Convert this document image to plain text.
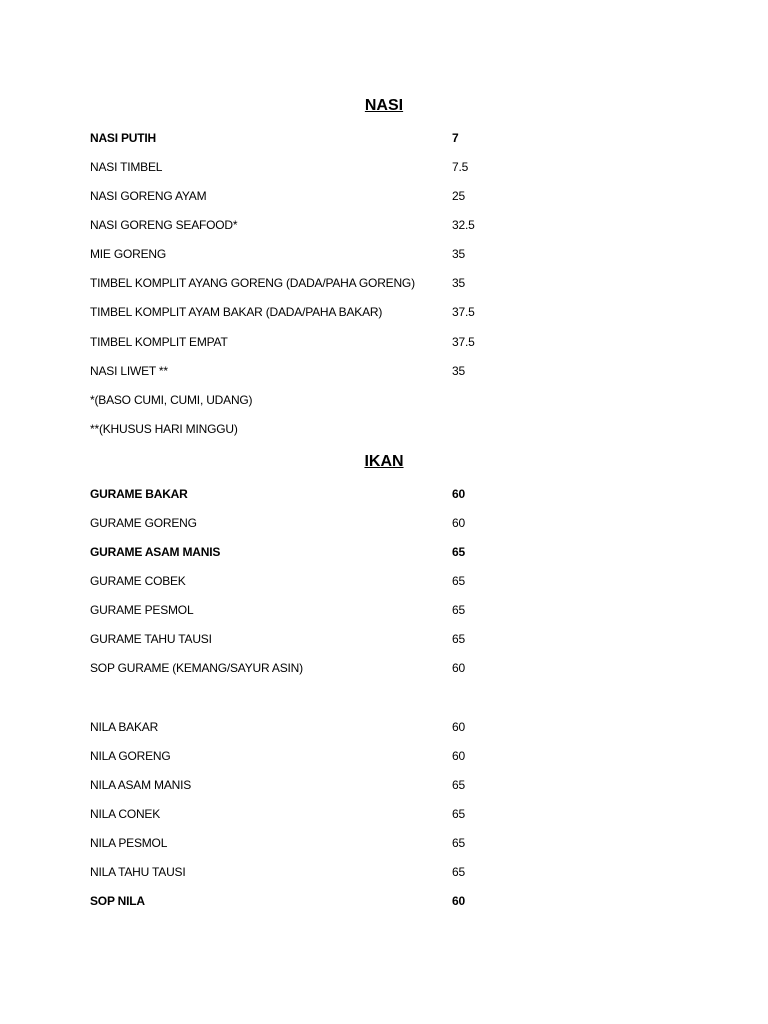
NASI
NASI PUTIH	7
NASI TIMBEL	7.5
NASI GORENG AYAM	25
NASI GORENG SEAFOOD*	32.5
MIE GORENG	35
TIMBEL KOMPLIT AYANG GORENG (DADA/PAHA GORENG)	35
TIMBEL KOMPLIT AYAM BAKAR (DADA/PAHA BAKAR)	37.5
TIMBEL KOMPLIT EMPAT	37.5
NASI LIWET **	35
*(BASO CUMI, CUMI, UDANG)
**(KHUSUS HARI MINGGU)
IKAN
GURAME BAKAR	60
GURAME GORENG	60
GURAME ASAM MANIS	65
GURAME COBEK	65
GURAME PESMOL	65
GURAME TAHU TAUSI	65
SOP GURAME (KEMANG/SAYUR ASIN)	60
NILA BAKAR	60
NILA GORENG	60
NILA ASAM MANIS	65
NILA CONEK	65
NILA PESMOL	65
NILA TAHU TAUSI	65
SOP NILA	60
